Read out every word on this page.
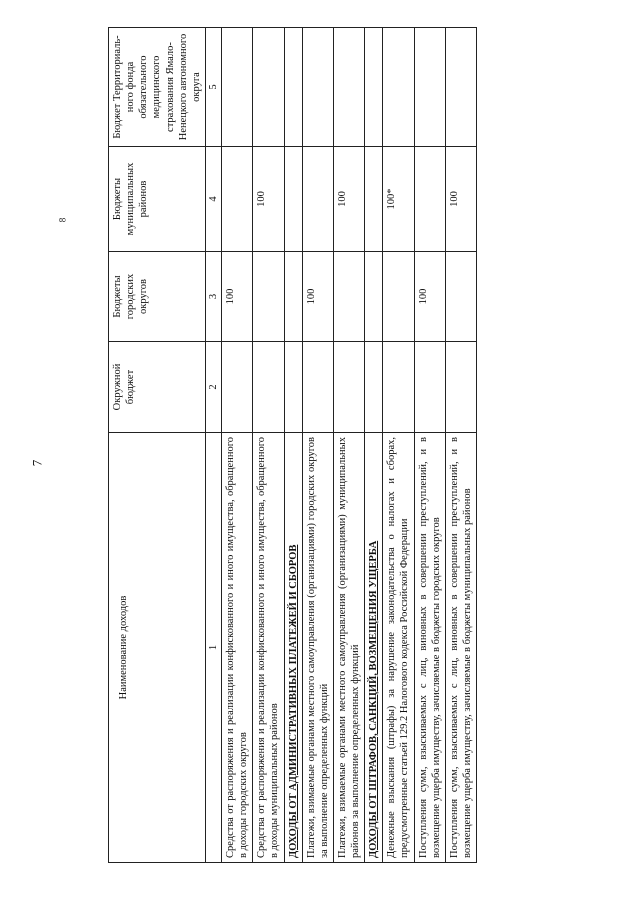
7
8
Наименование доходов	Окружной бюджет	Бюджеты городских округов	Бюджеты муниципальных районов	Бюджет Территориаль-ного фонда обязательного медицинского страхования Ямало-Ненецкого автономного округа
1	2	3	4	5
Средства от распоряжения и реализации конфискованного и иного имущества, обращенного в доходы городских округов		100		
Средства от распоряжения и реализации конфискованного и иного имущества, обращенного в доходы муниципальных районов			100	
ДОХОДЫ ОТ АДМИНИСТРАТИВНЫХ ПЛАТЕЖЕЙ И СБОРОВ				
Платежи, взимаемые органами местного самоуправления (организациями) городских округов за выполнение определенных функций		100		
Платежи, взимаемые органами местного самоуправления (организациями) муниципальных районов за выполнение определенных функций			100	
ДОХОДЫ ОТ ШТРАФОВ, САНКЦИЙ, ВОЗМЕЩЕНИЯ УЩЕРБА				
Денежные взыскания (штрафы) за нарушение законодательства о налогах и сборах, предусмотренные статьей 129.2 Налогового кодекса Российской Федерации			100*	
Поступления сумм, взыскиваемых с лиц, виновных в совершении преступлений, и в возмещение ущерба имуществу, зачисляемые в бюджеты городских округов		100		
Поступления сумм, взыскиваемых с лиц, виновных в совершении преступлений, и в возмещение ущерба имуществу, зачисляемые в бюджеты муниципальных районов			100	
